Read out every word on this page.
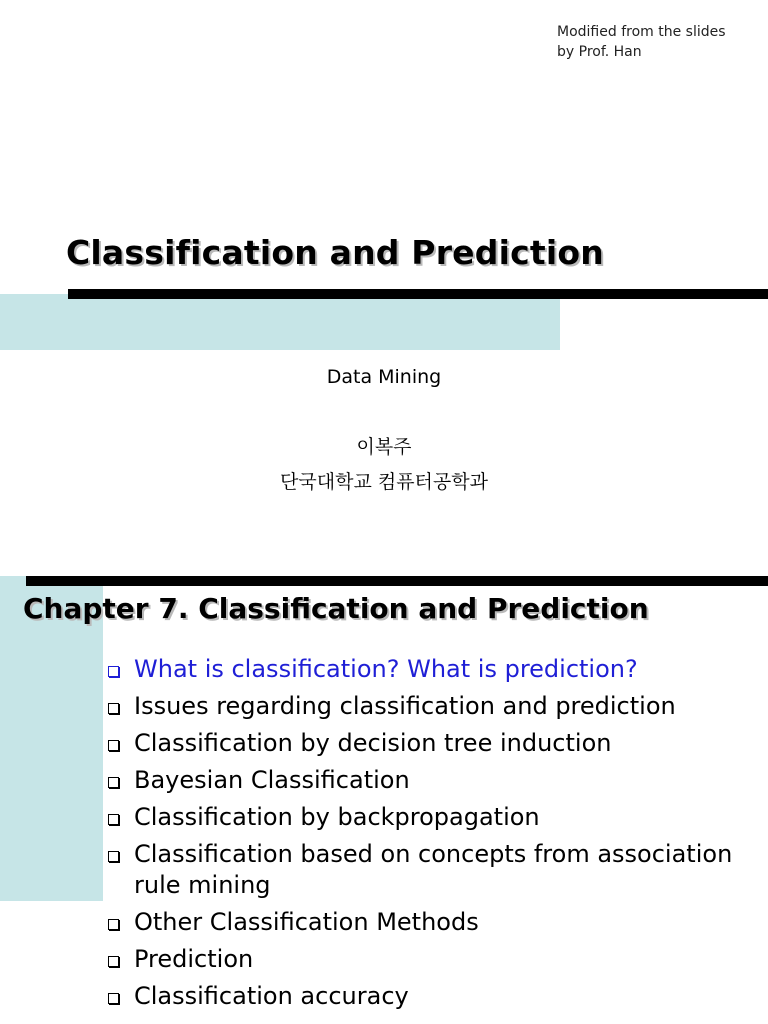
Modified from the slides
by Prof. Han
Classification and Prediction
Data Mining
이복주
단국대학교 컴퓨터공학과
Chapter 7. Classification and Prediction
What is classification? What is prediction?
Issues regarding classification and prediction
Classification by decision tree induction
Bayesian Classification
Classification by backpropagation
Classification based on concepts from association rule mining
Other Classification Methods
Prediction
Classification accuracy
